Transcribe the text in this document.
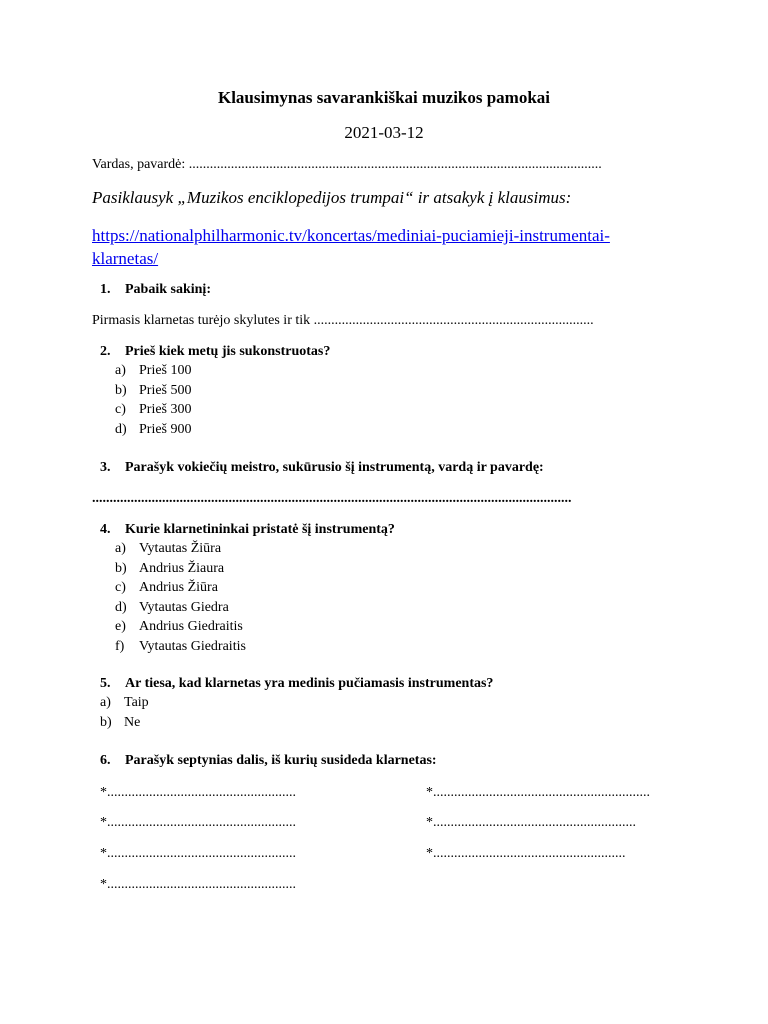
Klausimynas savarankiškai muzikos pamokai
2021-03-12
Vardas, pavardė: ......................................................................................................................
Pasiklausyk „Muzikos enciklopedijos trumpai“ ir atsakyk į klausimus:
https://nationalphilharmonic.tv/koncertas/mediniai-puciamieji-instrumentai-klarnetas/
1. Pabaik sakinį:
Pirmasis klarnetas turėjo skylutes ir tik ................................................................................
2. Prieš kiek metų jis sukonstruotas?
a) Prieš 100
b) Prieš 500
c) Prieš 300
d) Prieš 900
3. Parašyk vokiečių meistro, sukūrusio šį instrumentą, vardą ir pavardę:
.........................................................................................................................................
4. Kurie klarnetininkai pristatė šį instrumentą?
a) Vytautas Žiūra
b) Andrius Žiaura
c) Andrius Žiūra
d) Vytautas Giedra
e) Andrius Giedraitis
f) Vytautas Giedraitis
5. Ar tiesa, kad klarnetas yra medinis pučiamasis instrumentas?
a) Taip
b) Ne
6. Parašyk septynias dalis, iš kurių susideda klarnetas:
*......................................................
*......................................................
*......................................................
*......................................................
*..............................................................
*..........................................................
*.......................................................
